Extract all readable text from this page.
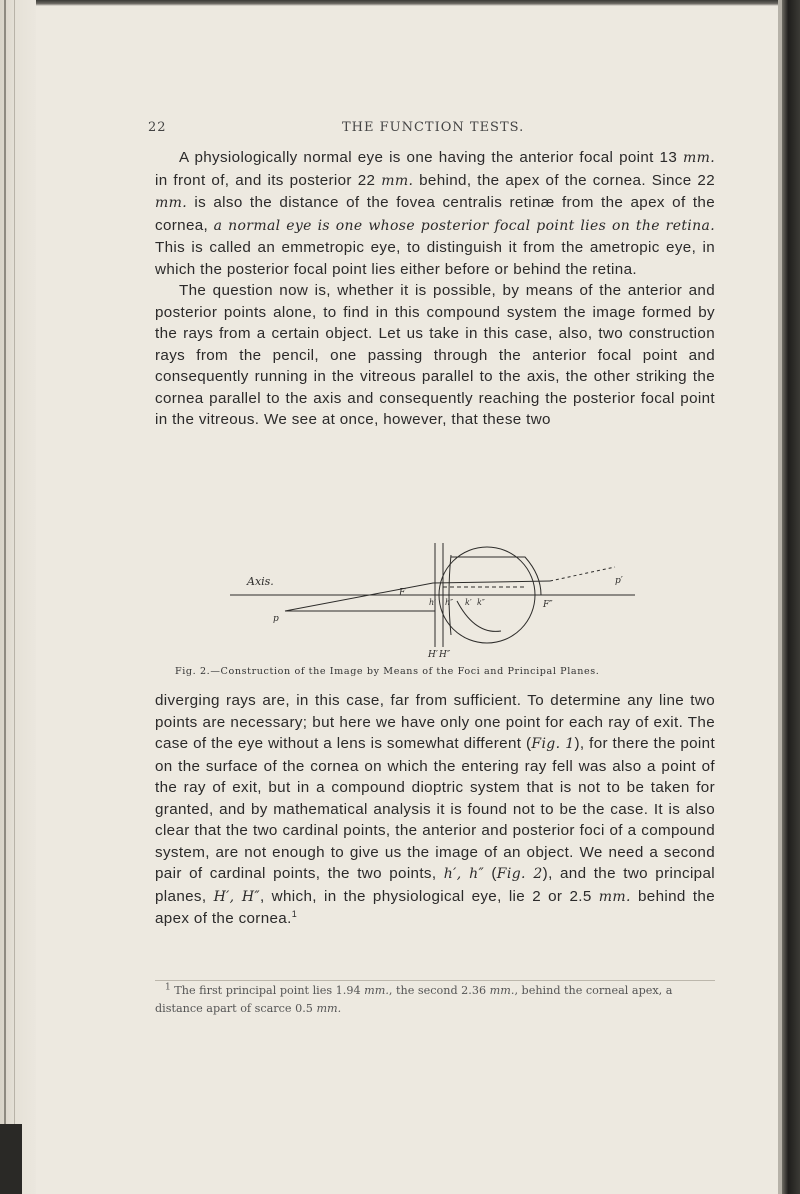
22	THE FUNCTION TESTS.

A physiologically normal eye is one having the anterior focal point 13 mm. in front of, and its posterior 22 mm. behind, the apex of the cornea. Since 22 mm. is also the distance of the fovea centralis retinæ from the apex of the cornea, a normal eye is one whose posterior focal point lies on the retina. This is called an emmetropic eye, to distinguish it from the ametropic eye, in which the posterior focal point lies either before or behind the retina.

The question now is, whether it is possible, by means of the anterior and posterior points alone, to find in this compound system the image formed by the rays from a certain object. Let us take in this case, also, two construction rays from the pencil, one passing through the anterior focal point and consequently running in the vitreous parallel to the axis, the other striking the cornea parallel to the axis and consequently reaching the posterior focal point in the vitreous. We see at once, however, that these two

Axis.
F
p
h′ h″ k′ k″	F″
p′
H′ H″
Fig. 2.—Construction of the Image by Means of the Foci and Principal Planes.

diverging rays are, in this case, far from sufficient. To determine any line two points are necessary; but here we have only one point for each ray of exit. The case of the eye without a lens is somewhat different (Fig. 1), for there the point on the surface of the cornea on which the entering ray fell was also a point of the ray of exit, but in a compound dioptric system that is not to be taken for granted, and by mathematical analysis it is found not to be the case. It is also clear that the two cardinal points, the anterior and posterior foci of a compound system, are not enough to give us the image of an object. We need a second pair of cardinal points, the two points, h′, h″ (Fig. 2), and the two principal planes, H′, H″, which, in the physiological eye, lie 2 or 2.5 mm. behind the apex of the cornea.$^1$

$^1$ The first principal point lies 1.94 mm., the second 2.36 mm., behind the corneal apex, a distance apart of scarce 0.5 mm.
